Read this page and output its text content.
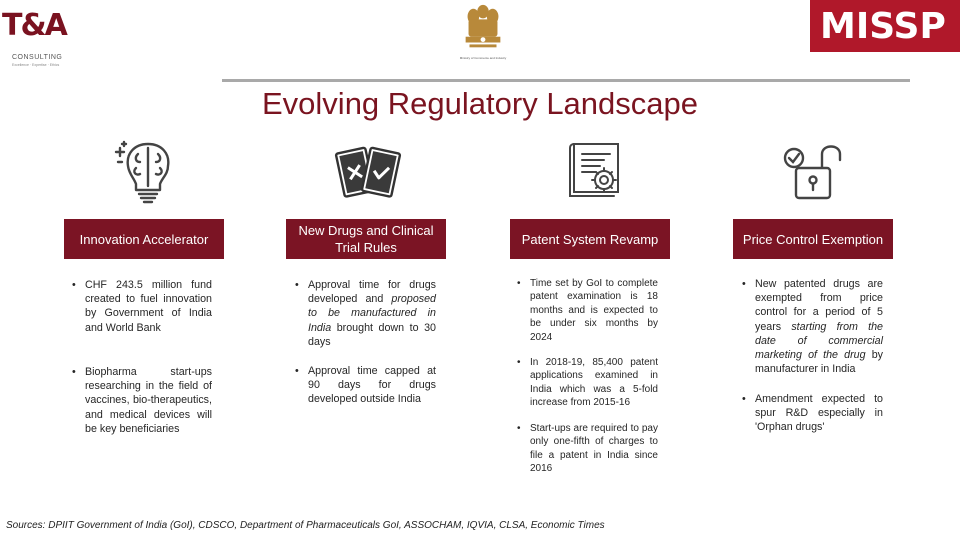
T&A
CONSULTING
Excellence · Expertise · Ethics
Ministry of Commerce and Industry
MISSP
Evolving Regulatory Landscape
Innovation Accelerator
New Drugs and Clinical Trial Rules
Patent System Revamp	Price Control Exemption
• CHF 243.5 million fund created to fuel innovation by Government of India and World Bank
• Biopharma start-ups researching in the field of vaccines, bio-therapeutics, and medical devices will be key beneficiaries
• Approval time for drugs developed and proposed to be manufactured in India brought down to 30 days
• Approval time capped at 90 days for drugs developed outside India
• Time set by GoI to complete patent examination is 18 months and is expected to be under six months by 2024
• In 2018-19, 85,400 patent applications examined in India which was a 5-fold increase from 2015-16
• Start-ups are required to pay only one-fifth of charges to file a patent in India since 2016
• New patented drugs are exempted from price control for a period of 5 years starting from the date of commercial marketing of the drug by manufacturer in India
• Amendment expected to spur R&D especially in 'Orphan drugs'
Sources: DPIIT Government of India (GoI), CDSCO, Department of Pharmaceuticals GoI, ASSOCHAM, IQVIA, CLSA, Economic Times
